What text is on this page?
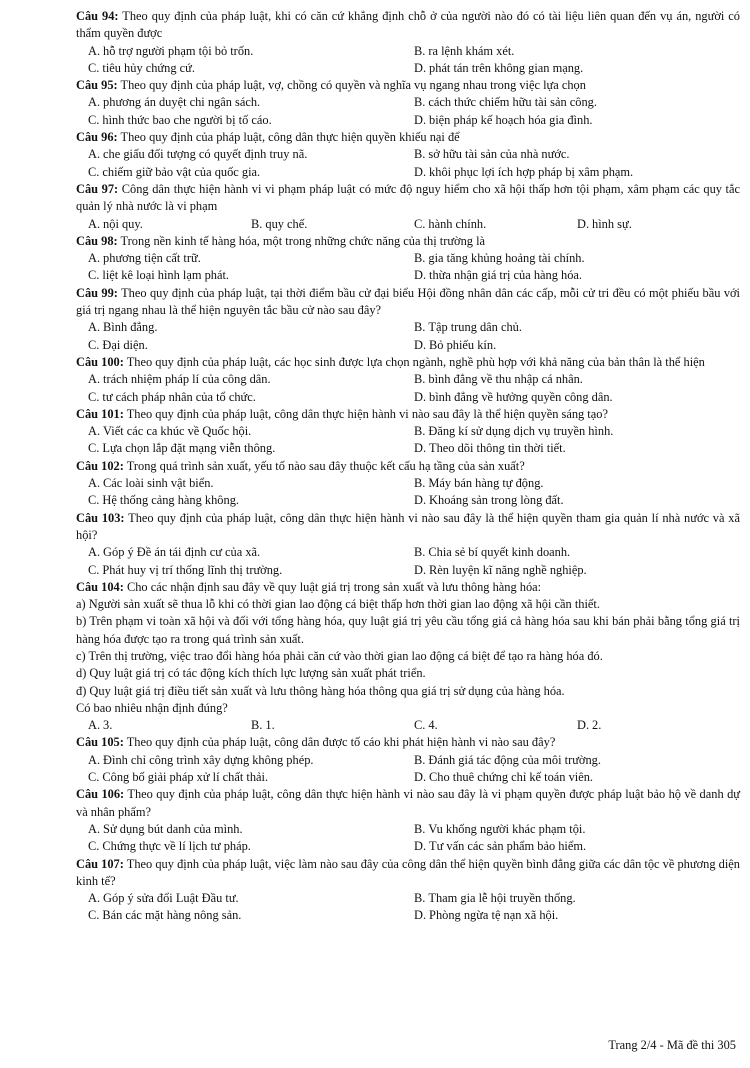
Câu 94: Theo quy định của pháp luật, khi có căn cứ khẳng định chỗ ở của người nào đó có tài liệu liên quan đến vụ án, người có thẩm quyền được

A. hỗ trợ người phạm tội bỏ trốn.	B. ra lệnh khám xét.
C. tiêu hủy chứng cứ.	D. phát tán trên không gian mạng.

Câu 95: Theo quy định của pháp luật, vợ, chồng có quyền và nghĩa vụ ngang nhau trong việc lựa chọn

A. phương án duyệt chi ngân sách.	B. cách thức chiếm hữu tài sản công.
C. hình thức bao che người bị tố cáo.	D. biện pháp kế hoạch hóa gia đình.

Câu 96: Theo quy định của pháp luật, công dân thực hiện quyền khiếu nại để

A. che giấu đối tượng có quyết định truy nã.	B. sở hữu tài sản của nhà nước.
C. chiếm giữ bảo vật của quốc gia.	D. khôi phục lợi ích hợp pháp bị xâm phạm.

Câu 97: Công dân thực hiện hành vi vi phạm pháp luật có mức độ nguy hiểm cho xã hội thấp hơn tội phạm, xâm phạm các quy tắc quản lý nhà nước là vi phạm

A. nội quy.	B. quy chế.	C. hành chính.	D. hình sự.

Câu 98: Trong nền kinh tế hàng hóa, một trong những chức năng của thị trường là

A. phương tiện cất trữ.	B. gia tăng khủng hoảng tài chính.
C. liệt kê loại hình lạm phát.	D. thừa nhận giá trị của hàng hóa.

Câu 99: Theo quy định của pháp luật, tại thời điểm bầu cử đại biểu Hội đồng nhân dân các cấp, mỗi cử tri đều có một phiếu bầu với giá trị ngang nhau là thể hiện nguyên tắc bầu cử nào sau đây?

A. Bình đẳng.	B. Tập trung dân chủ.
C. Đại diện.	D. Bỏ phiếu kín.

Câu 100: Theo quy định của pháp luật, các học sinh được lựa chọn ngành, nghề phù hợp với khả năng của bản thân là thể hiện

A. trách nhiệm pháp lí của công dân.	B. bình đẳng về thu nhập cá nhân.
C. tư cách pháp nhân của tổ chức.	D. bình đẳng về hưởng quyền công dân.

Câu 101: Theo quy định của pháp luật, công dân thực hiện hành vi nào sau đây là thể hiện quyền sáng tạo?

A. Viết các ca khúc về Quốc hội.	B. Đăng kí sử dụng dịch vụ truyền hình.
C. Lựa chọn lắp đặt mạng viễn thông.	D. Theo dõi thông tin thời tiết.

Câu 102: Trong quá trình sản xuất, yếu tố nào sau đây thuộc kết cấu hạ tầng của sản xuất?

A. Các loài sinh vật biển.	B. Máy bán hàng tự động.
C. Hệ thống cảng hàng không.	D. Khoáng sản trong lòng đất.

Câu 103: Theo quy định của pháp luật, công dân thực hiện hành vi nào sau đây là thể hiện quyền tham gia quản lí nhà nước và xã hội?

A. Góp ý Đề án tái định cư của xã.	B. Chia sẻ bí quyết kinh doanh.
C. Phát huy vị trí thống lĩnh thị trường.	D. Rèn luyện kĩ năng nghề nghiệp.

Câu 104: Cho các nhận định sau đây về quy luật giá trị trong sản xuất và lưu thông hàng hóa:

a) Người sản xuất sẽ thua lỗ khi có thời gian lao động cá biệt thấp hơn thời gian lao động xã hội cần thiết.

b) Trên phạm vi toàn xã hội và đối với tổng hàng hóa, quy luật giá trị yêu cầu tổng giá cả hàng hóa sau khi bán phải bằng tổng giá trị hàng hóa được tạo ra trong quá trình sản xuất.

c) Trên thị trường, việc trao đổi hàng hóa phải căn cứ vào thời gian lao động cá biệt để tạo ra hàng hóa đó.

d) Quy luật giá trị có tác động kích thích lực lượng sản xuất phát triển.

đ) Quy luật giá trị điều tiết sản xuất và lưu thông hàng hóa thông qua giá trị sử dụng của hàng hóa.

Có bao nhiêu nhận định đúng?

A. 3.	B. 1.	C. 4.	D. 2.

Câu 105: Theo quy định của pháp luật, công dân được tố cáo khi phát hiện hành vi nào sau đây?

A. Đình chỉ công trình xây dựng không phép.	B. Đánh giá tác động của môi trường.
C. Công bố giải pháp xử lí chất thải.	D. Cho thuê chứng chỉ kế toán viên.

Câu 106: Theo quy định của pháp luật, công dân thực hiện hành vi nào sau đây là vi phạm quyền được pháp luật bảo hộ về danh dự và nhân phẩm?

A. Sử dụng bút danh của mình.	B. Vu khống người khác phạm tội.
C. Chứng thực về lí lịch tư pháp.	D. Tư vấn các sản phẩm bảo hiểm.

Câu 107: Theo quy định của pháp luật, việc làm nào sau đây của công dân thể hiện quyền bình đẳng giữa các dân tộc về phương diện kinh tế?

A. Góp ý sửa đổi Luật Đầu tư.	B. Tham gia lễ hội truyền thống.
C. Bán các mặt hàng nông sản.	D. Phòng ngừa tệ nạn xã hội.
Trang 2/4 - Mã đề thi 305
